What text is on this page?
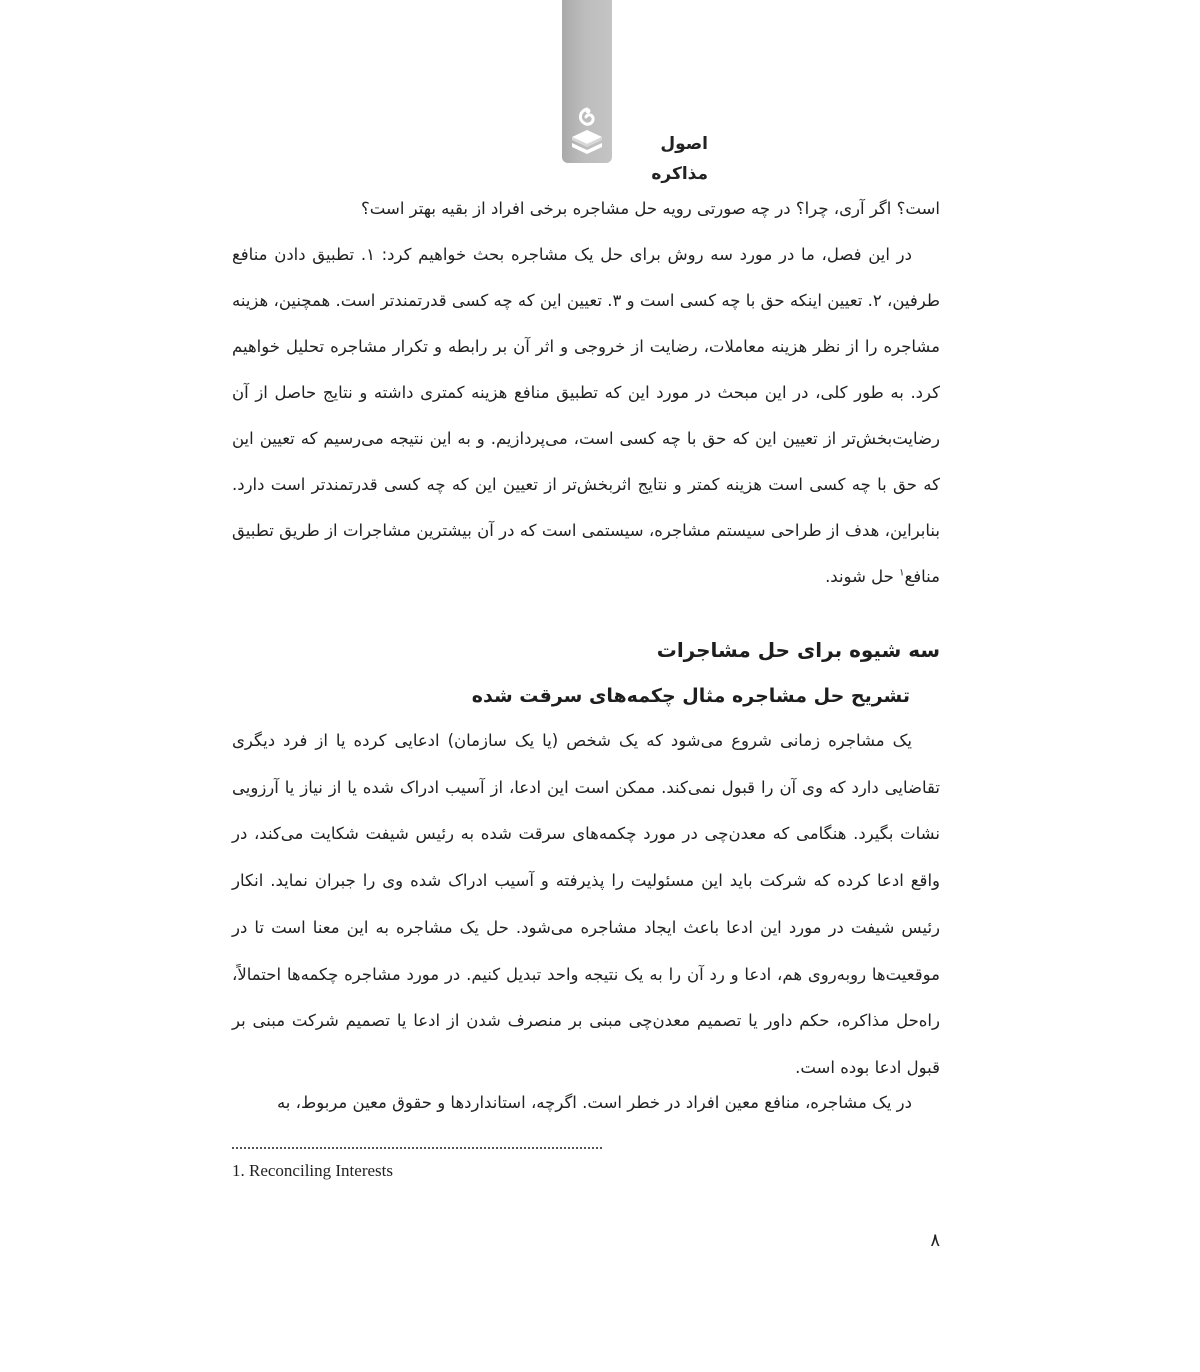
اصول مذاکره

است؟ اگر آری، چرا؟ در چه صورتی رویه حل مشاجره برخی افراد از بقیه بهتر است؟

در این فصل، ما در مورد سه روش برای حل یک مشاجره بحث خواهیم کرد: ۱. تطبیق دادن منافع طرفین، ۲. تعیین اینکه حق با چه کسی است و ۳. تعیین این که چه کسی قدرتمندتر است. همچنین، هزینه مشاجره را از نظر هزینه معاملات، رضایت از خروجی و اثر آن بر رابطه و تکرار مشاجره تحلیل خواهیم کرد. به طور کلی، در این مبحث در مورد این که تطبیق منافع هزینه کمتری داشته و نتایج حاصل از آن رضایت‌بخش‌تر از تعیین این که حق با چه کسی است، می‌پردازیم. و به این نتیجه می‌رسیم که تعیین این که حق با چه کسی است هزینه کمتر و نتایج اثربخش‌تر از تعیین این که چه کسی قدرتمندتر است دارد. بنابراین، هدف از طراحی سیستم مشاجره، سیستمی است که در آن بیشترین مشاجرات از طریق تطبیق منافع$^۱$ حل شوند.

سه شیوه برای حل مشاجرات
تشریح حل مشاجره مثال چکمه‌های سرقت شده

یک مشاجره زمانی شروع می‌شود که یک شخص (یا یک سازمان) ادعایی کرده یا از فرد دیگری تقاضایی دارد که وی آن را قبول نمی‌کند. ممکن است این ادعا، از آسیب ادراک شده یا از نیاز یا آرزویی نشات بگیرد. هنگامی که معدن‌چی در مورد چکمه‌های سرقت شده به رئیس شیفت شکایت می‌کند، در واقع ادعا کرده که شرکت باید این مسئولیت را پذیرفته و آسیب ادراک شده وی را جبران نماید. انکار رئیس شیفت در مورد این ادعا باعث ایجاد مشاجره می‌شود. حل یک مشاجره به این معنا است تا در موقعیت‌ها روبه‌روی هم، ادعا و رد آن را به یک نتیجه واحد تبدیل کنیم. در مورد مشاجره چکمه‌ها احتمالاً، راه‌حل مذاکره، حکم داور یا تصمیم معدن‌چی مبنی بر منصرف شدن از ادعا یا تصمیم شرکت مبنی بر قبول ادعا بوده است.

در یک مشاجره، منافع معین افراد در خطر است. اگرچه، استانداردها و حقوق معین مربوط، به

1. Reconciling Interests
۸
